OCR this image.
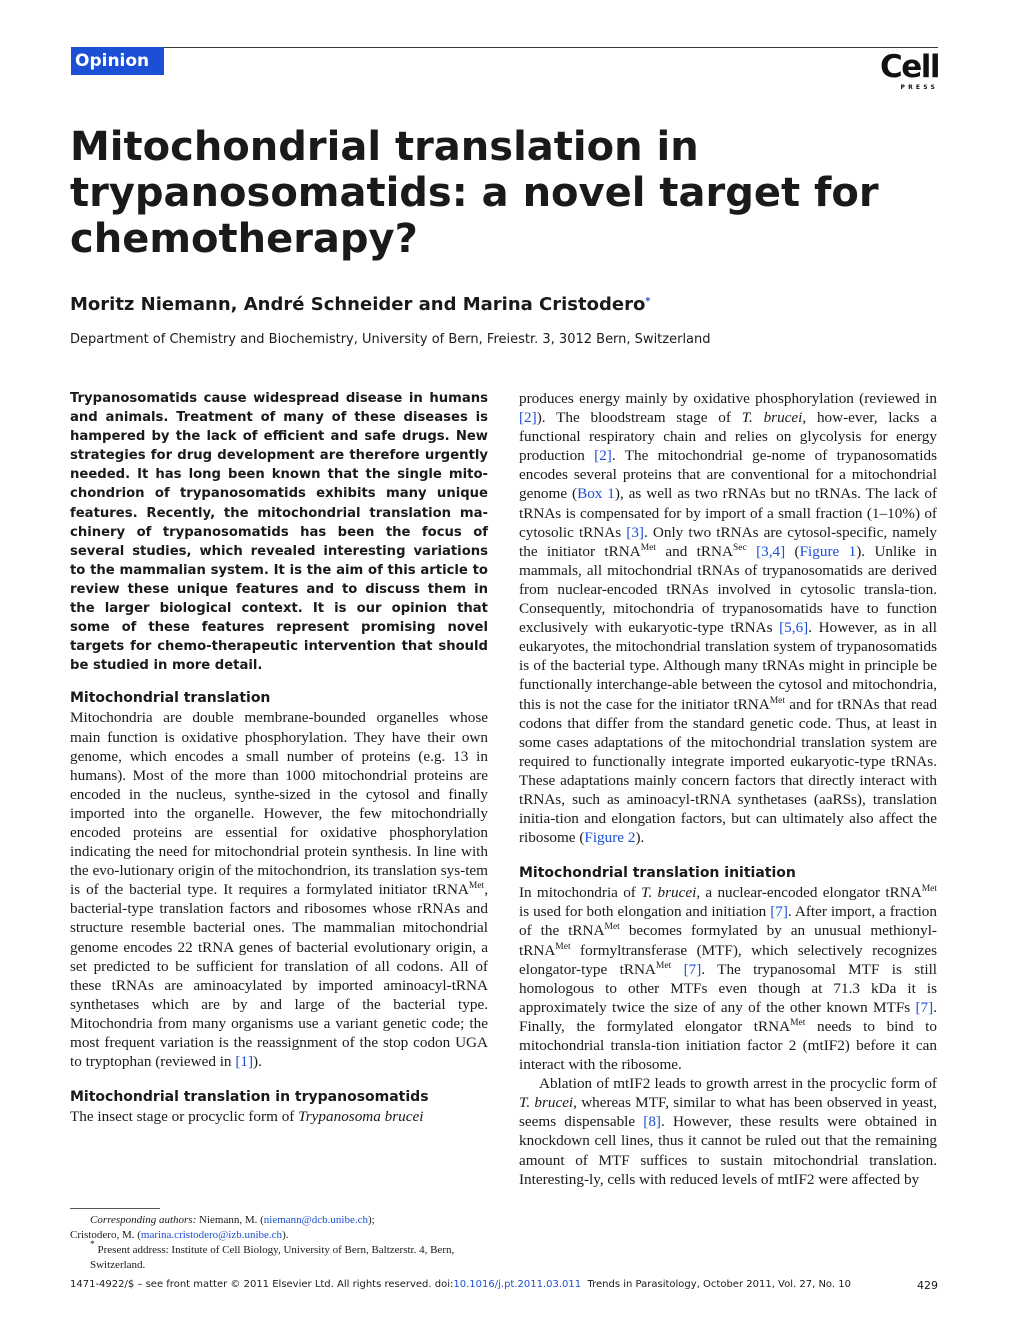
Opinion	Cell
PRESS
Mitochondrial translation in trypanosomatids: a novel target for chemotherapy?
Moritz Niemann, André Schneider and Marina Cristodero*
Department of Chemistry and Biochemistry, University of Bern, Freiestr. 3, 3012 Bern, Switzerland

Trypanosomatids cause widespread disease in humans and animals. Treatment of many of these diseases is hampered by the lack of efficient and safe drugs. New strategies for drug development are therefore urgently needed. It has long been known that the single mito-chondrion of trypanosomatids exhibits many unique features. Recently, the mitochondrial translation ma-chinery of trypanosomatids has been the focus of several studies, which revealed interesting variations to the mammalian system. It is the aim of this article to review these unique features and to discuss them in the larger biological context. It is our opinion that some of these features represent promising novel targets for chemo-therapeutic intervention that should be studied in more detail.

Mitochondrial translation

Mitochondria are double membrane-bounded organelles whose main function is oxidative phosphorylation. They have their own genome, which encodes a small number of proteins (e.g. 13 in humans). Most of the more than 1000 mitochondrial proteins are encoded in the nucleus, synthe-sized in the cytosol and finally imported into the organelle. However, the few mitochondrially encoded proteins are essential for oxidative phosphorylation indicating the need for mitochondrial protein synthesis. In line with the evo-lutionary origin of the mitochondrion, its translation sys-tem is of the bacterial type. It requires a formylated initiator tRNA$^{Met}$, bacterial-type translation factors and ribosomes whose rRNAs and structure resemble bacterial ones. The mammalian mitochondrial genome encodes 22 tRNA genes of bacterial evolutionary origin, a set predicted to be sufficient for translation of all codons. All of these tRNAs are aminoacylated by imported aminoacyl-tRNA synthetases which are by and large of the bacterial type. Mitochondria from many organisms use a variant genetic code; the most frequent variation is the reassignment of the stop codon UGA to tryptophan (reviewed in [1]).

Mitochondrial translation in trypanosomatids

The insect stage or procyclic form of Trypanosoma brucei

Corresponding authors: Niemann, M. (niemann@dcb.unibe.ch);

Cristodero, M. (marina.cristodero@izb.unibe.ch).

* Present address: Institute of Cell Biology, University of Bern, Baltzerstr. 4, Bern, Switzerland.

produces energy mainly by oxidative phosphorylation (reviewed in [2]). The bloodstream stage of T. brucei, how-ever, lacks a functional respiratory chain and relies on glycolysis for energy production [2]. The mitochondrial ge-nome of trypanosomatids encodes several proteins that are conventional for a mitochondrial genome (Box 1), as well as two rRNAs but no tRNAs. The lack of tRNAs is compensated for by import of a small fraction (1–10%) of cytosolic tRNAs [3]. Only two tRNAs are cytosol-specific, namely the initiator tRNA$^{Met}$ and tRNA$^{Sec}$ [3,4] (Figure 1). Unlike in mammals, all mitochondrial tRNAs of trypanosomatids are derived from nuclear-encoded tRNAs involved in cytosolic transla-tion. Consequently, mitochondria of trypanosomatids have to function exclusively with eukaryotic-type tRNAs [5,6]. However, as in all eukaryotes, the mitochondrial translation system of trypanosomatids is of the bacterial type. Although many tRNAs might in principle be functionally interchange-able between the cytosol and mitochondria, this is not the case for the initiator tRNA$^{Met}$ and for tRNAs that read codons that differ from the standard genetic code. Thus, at least in some cases adaptations of the mitochondrial translation system are required to functionally integrate imported eukaryotic-type tRNAs. These adaptations mainly concern factors that directly interact with tRNAs, such as aminoacyl-tRNA synthetases (aaRSs), translation initia-tion and elongation factors, but can ultimately also affect the ribosome (Figure 2).

Mitochondrial translation initiation

In mitochondria of T. brucei, a nuclear-encoded elongator tRNA$^{Met}$ is used for both elongation and initiation [7]. After import, a fraction of the tRNA$^{Met}$ becomes formylated by an unusual methionyl-tRNA$^{Met}$ formyltransferase (MTF), which selectively recognizes elongator-type tRNA$^{Met}$ [7]. The trypanosomal MTF is still homologous to other MTFs even though at 71.3 kDa it is approximately twice the size of any of the other known MTFs [7]. Finally, the formylated elongator tRNA$^{Met}$ needs to bind to mitochondrial transla-tion initiation factor 2 (mtIF2) before it can interact with the ribosome.

Ablation of mtIF2 leads to growth arrest in the procyclic form of T. brucei, whereas MTF, similar to what has been observed in yeast, seems dispensable [8]. However, these results were obtained in knockdown cell lines, thus it cannot be ruled out that the remaining amount of MTF suffices to sustain mitochondrial translation. Interesting-ly, cells with reduced levels of mtIF2 were affected by

1471-4922/$ – see front matter © 2011 Elsevier Ltd. All rights reserved. doi:10.1016/j.pt.2011.03.011  Trends in Parasitology, October 2011, Vol. 27, No. 10	429
